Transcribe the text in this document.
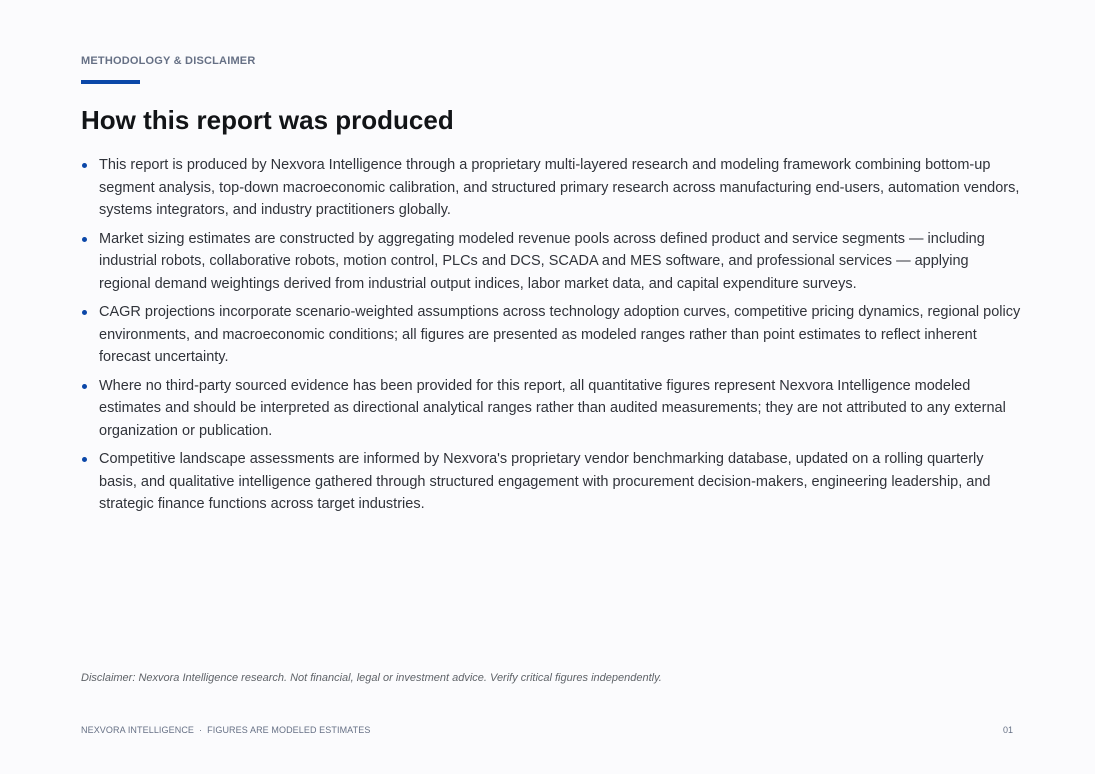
METHODOLOGY & DISCLAIMER
How this report was produced
This report is produced by Nexvora Intelligence through a proprietary multi-layered research and modeling framework combining bottom-up segment analysis, top-down macroeconomic calibration, and structured primary research across manufacturing end-users, automation vendors, systems integrators, and industry practitioners globally.
Market sizing estimates are constructed by aggregating modeled revenue pools across defined product and service segments — including industrial robots, collaborative robots, motion control, PLCs and DCS, SCADA and MES software, and professional services — applying regional demand weightings derived from industrial output indices, labor market data, and capital expenditure surveys.
CAGR projections incorporate scenario-weighted assumptions across technology adoption curves, competitive pricing dynamics, regional policy environments, and macroeconomic conditions; all figures are presented as modeled ranges rather than point estimates to reflect inherent forecast uncertainty.
Where no third-party sourced evidence has been provided for this report, all quantitative figures represent Nexvora Intelligence modeled estimates and should be interpreted as directional analytical ranges rather than audited measurements; they are not attributed to any external organization or publication.
Competitive landscape assessments are informed by Nexvora's proprietary vendor benchmarking database, updated on a rolling quarterly basis, and qualitative intelligence gathered through structured engagement with procurement decision-makers, engineering leadership, and strategic finance functions across target industries.
Disclaimer: Nexvora Intelligence research. Not financial, legal or investment advice. Verify critical figures independently.
NEXVORA INTELLIGENCE · FIGURES ARE MODELED ESTIMATES	01
